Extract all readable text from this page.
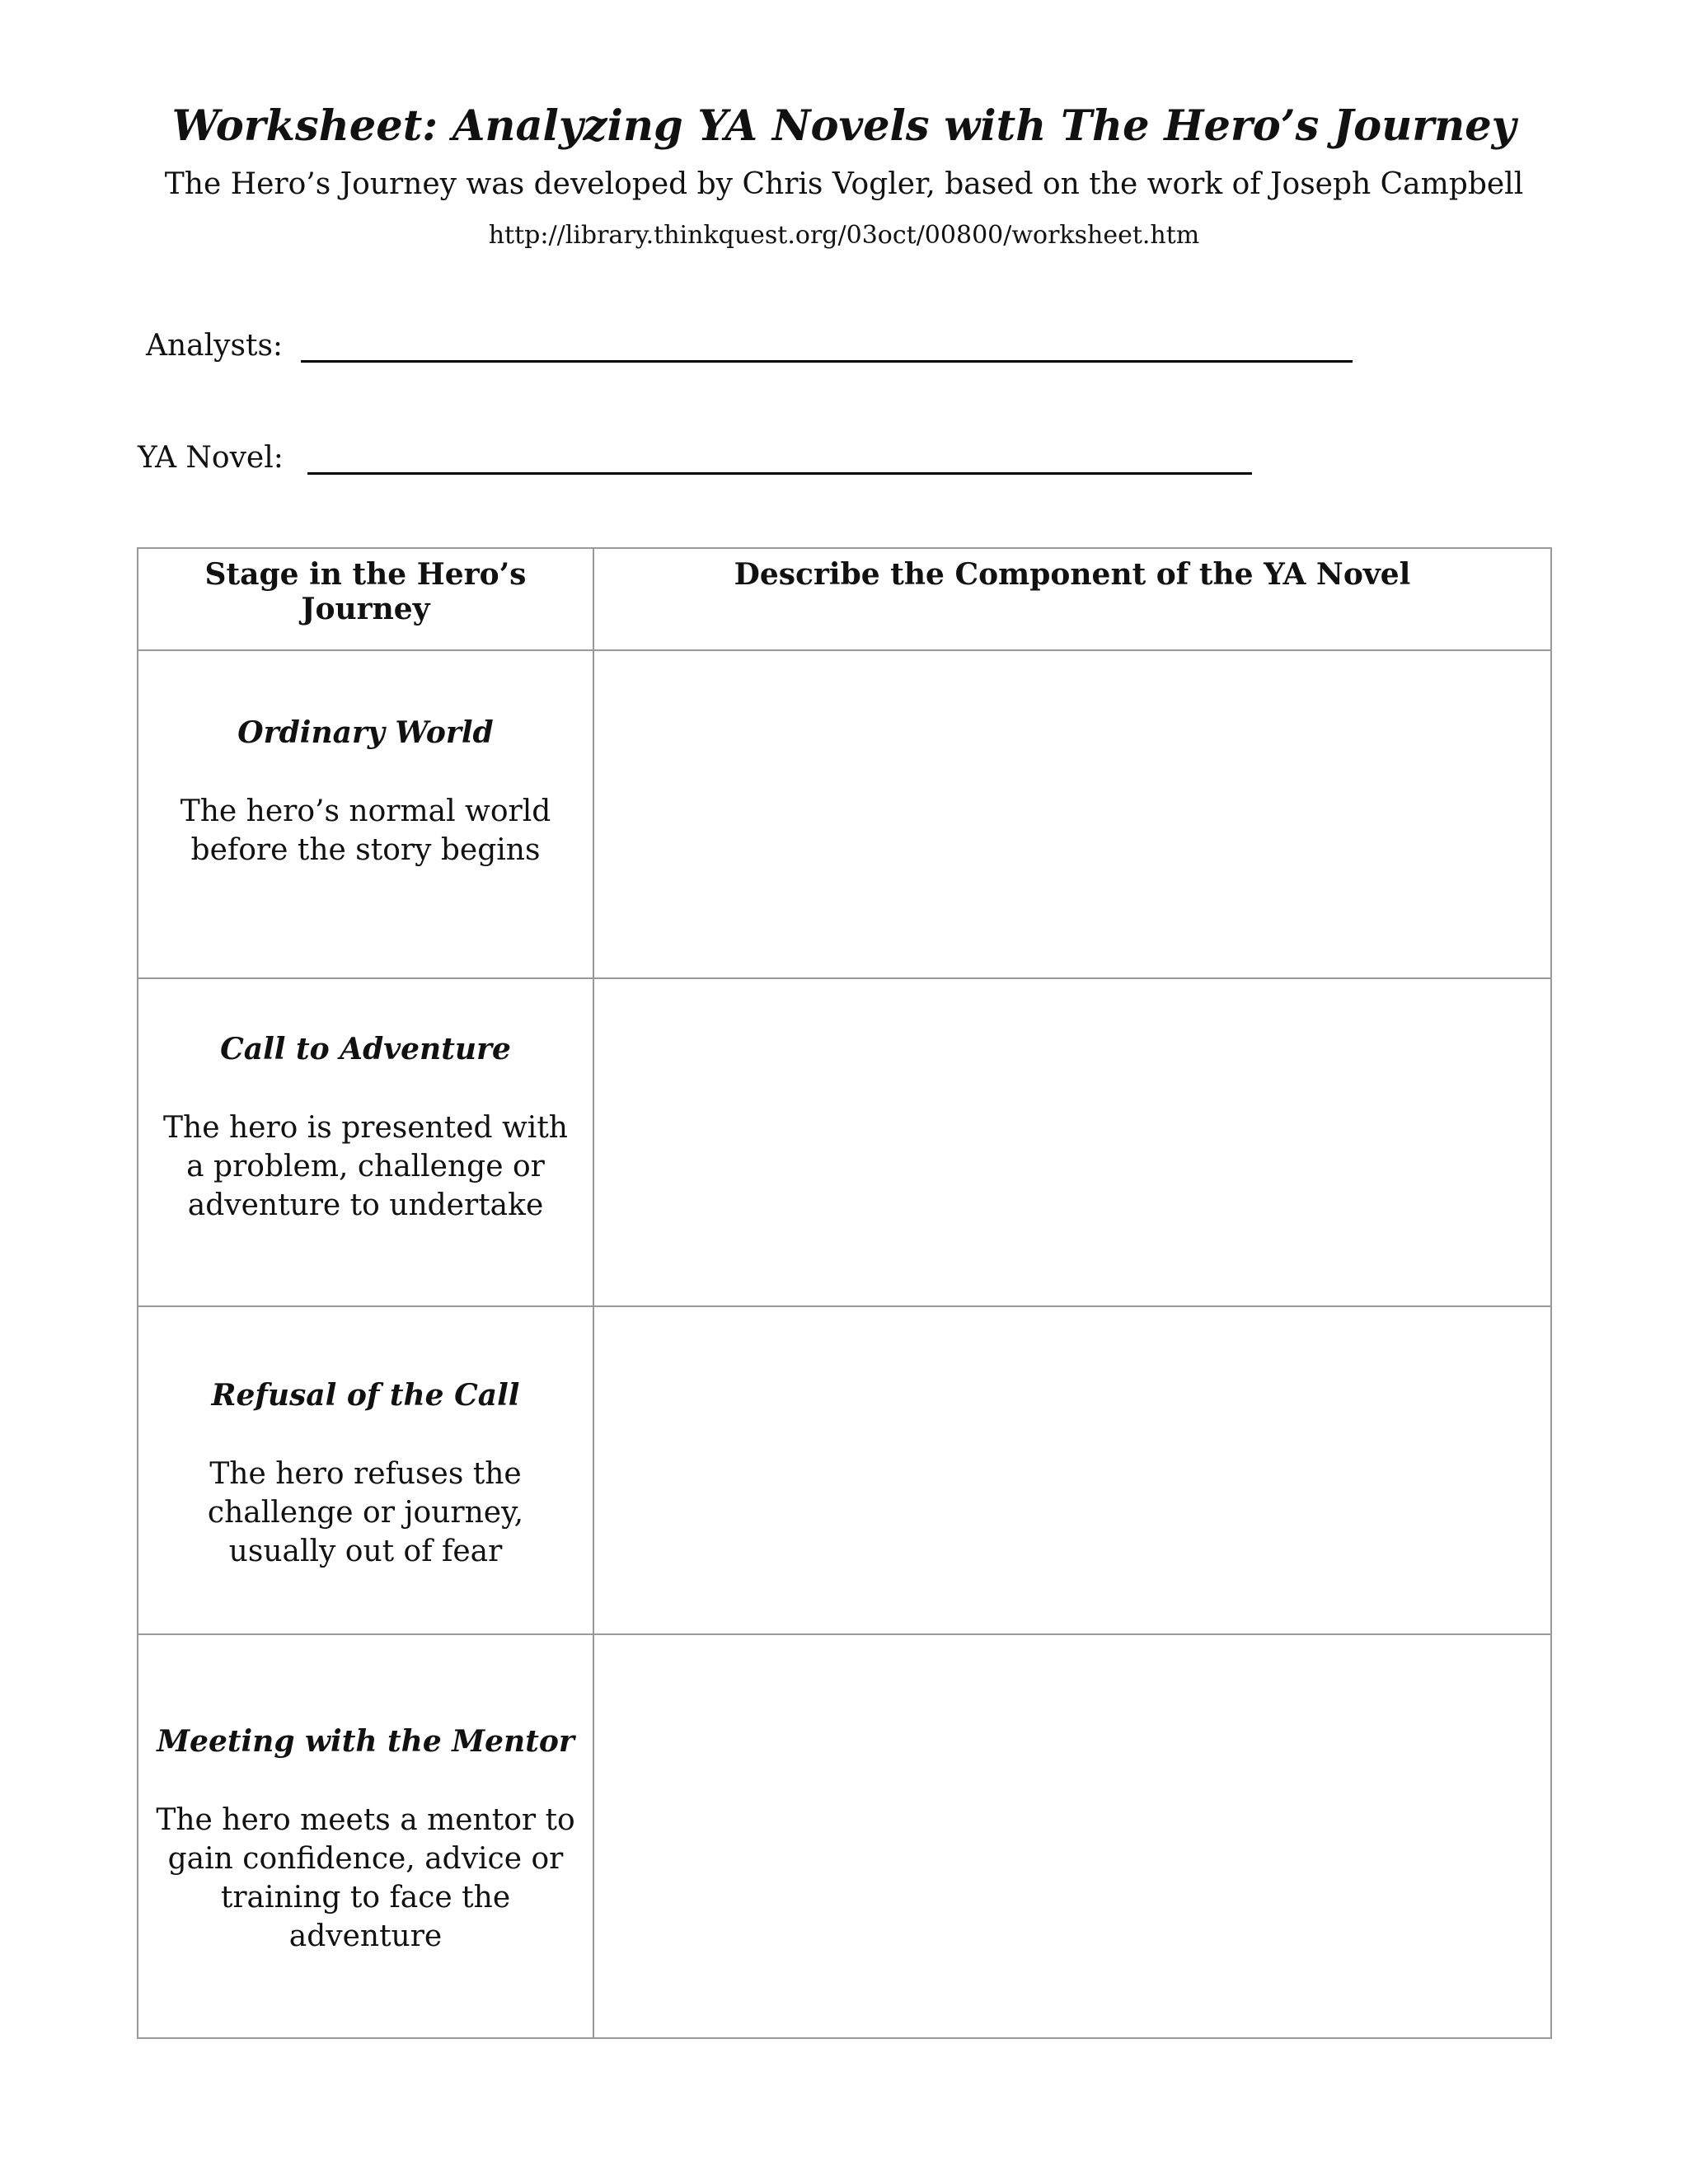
Worksheet: Analyzing YA Novels with The Hero’s Journey
The Hero’s Journey was developed by Chris Vogler, based on the work of Joseph Campbell
http://library.thinkquest.org/03oct/00800/worksheet.htm
Analysts:
YA Novel:
Stage in the Hero’s Journey	Describe the Component of the YA Novel

Ordinary World
The hero’s normal world before the story begins	

Call to Adventure
The hero is presented with a problem, challenge or adventure to undertake	

Refusal of the Call
The hero refuses the challenge or journey, usually out of fear	

Meeting with the Mentor
The hero meets a mentor to gain confidence, advice or training to face the adventure	
